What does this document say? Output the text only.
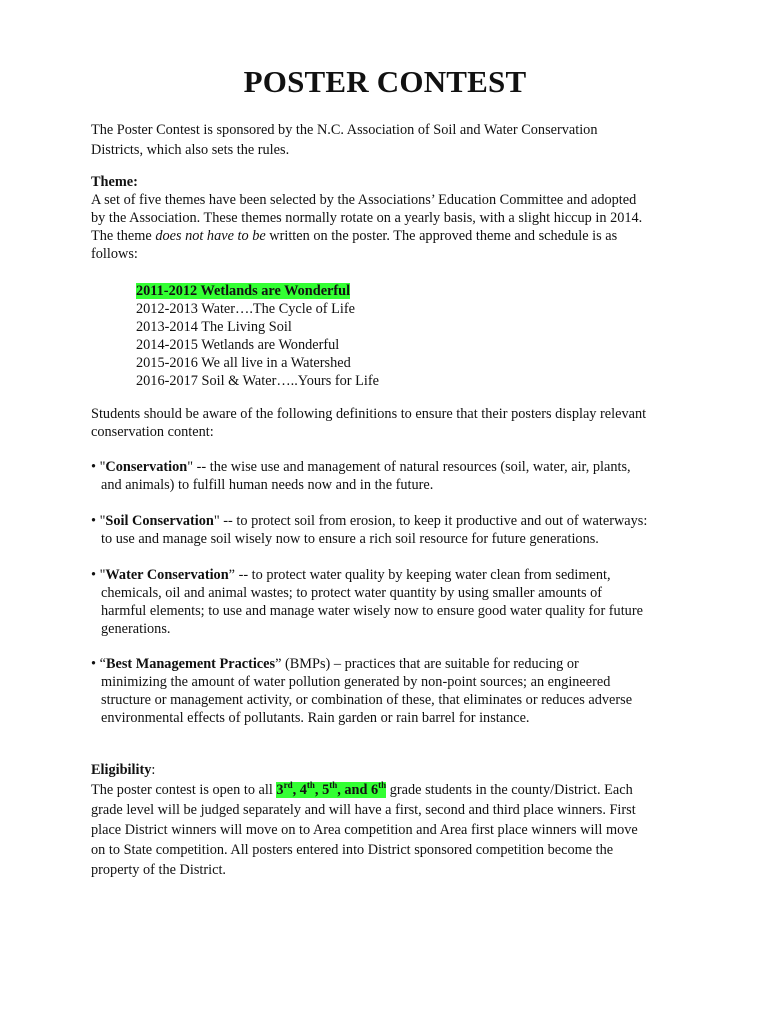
POSTER CONTEST
The Poster Contest is sponsored by the N.C. Association of Soil and Water Conservation
Districts, which also sets the rules.
Theme:
A set of five themes have been selected by the Associations’ Education Committee and adopted
by the Association. These themes normally rotate on a yearly basis, with a slight hiccup in 2014.
The theme does not have to be written on the poster. The approved theme and schedule is as
follows:
2011-2012 Wetlands are Wonderful
2012-2013 Water….The Cycle of Life
2013-2014 The Living Soil
2014-2015 Wetlands are Wonderful
2015-2016 We all live in a Watershed
2016-2017 Soil & Water…..Yours for Life
Students should be aware of the following definitions to ensure that their posters display relevant
conservation content:
• "Conservation" -- the wise use and management of natural resources (soil, water, air, plants,
and animals) to fulfill human needs now and in the future.
• "Soil Conservation" -- to protect soil from erosion, to keep it productive and out of waterways:
to use and manage soil wisely now to ensure a rich soil resource for future generations.
• "Water Conservation” -- to protect water quality by keeping water clean from sediment,
chemicals, oil and animal wastes; to protect water quantity by using smaller amounts of
harmful elements; to use and manage water wisely now to ensure good water quality for future
generations.
• “Best Management Practices” (BMPs) – practices that are suitable for reducing or
minimizing the amount of water pollution generated by non-point sources; an engineered
structure or management activity, or combination of these, that eliminates or reduces adverse
environmental effects of pollutants. Rain garden or rain barrel for instance.
Eligibility:
The poster contest is open to all 3rd, 4th, 5th, and 6th grade students in the county/District. Each
grade level will be judged separately and will have a first, second and third place winners. First
place District winners will move on to Area competition and Area first place winners will move
on to State competition. All posters entered into District sponsored competition become the
property of the District.
